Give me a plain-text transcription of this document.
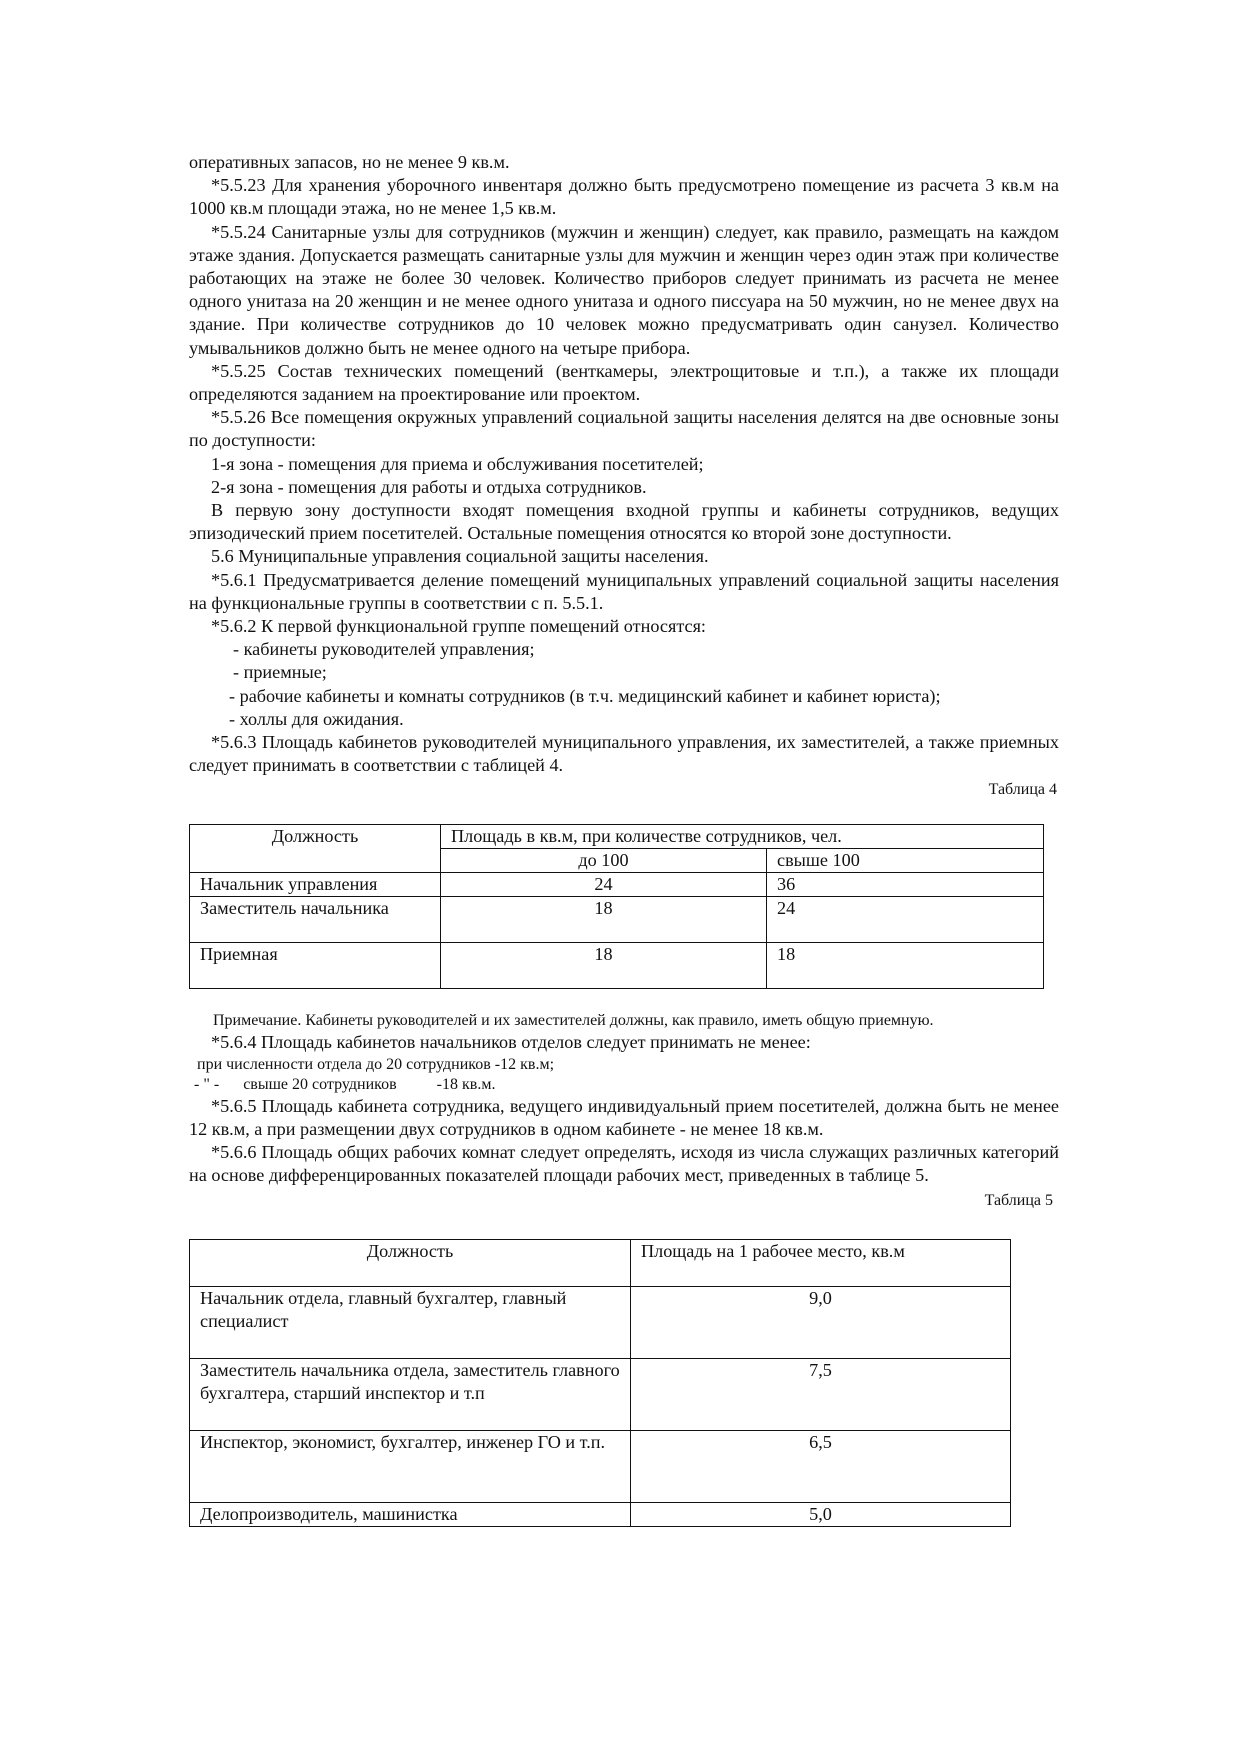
оперативных запасов, но не менее 9 кв.м.

*5.5.23 Для хранения уборочного инвентаря должно быть предусмотрено помещение из расчета 3 кв.м на 1000 кв.м площади этажа, но не менее 1,5 кв.м.

*5.5.24 Санитарные узлы для сотрудников (мужчин и женщин) следует, как правило, размещать на каждом этаже здания. Допускается размещать санитарные узлы для мужчин и женщин через один этаж при количестве работающих на этаже не более 30 человек. Количество приборов следует принимать из расчета не менее одного унитаза на 20 женщин и не менее одного унитаза и одного писсуара на 50 мужчин, но не менее двух на здание. При количестве сотрудников до 10 человек можно предусматривать один санузел. Количество умывальников должно быть не менее одного на четыре прибора.

*5.5.25 Состав технических помещений (венткамеры, электрощитовые и т.п.), а также их площади определяются заданием на проектирование или проектом.

*5.5.26 Все помещения окружных управлений социальной защиты населения делятся на две основные зоны по доступности:

1-я зона - помещения для приема и обслуживания посетителей;

2-я зона - помещения для работы и отдыха сотрудников.

В первую зону доступности входят помещения входной группы и кабинеты сотрудников, ведущих эпизодический прием посетителей. Остальные помещения относятся ко второй зоне доступности.

5.6 Муниципальные управления социальной защиты населения.

*5.6.1 Предусматривается деление помещений муниципальных управлений социальной защиты населения на функциональные группы в соответствии с п. 5.5.1.

*5.6.2 К первой функциональной группе помещений относятся:

- кабинеты руководителей управления;
- приемные;
- рабочие кабинеты и комнаты сотрудников (в т.ч. медицинский кабинет и кабинет юриста);
- холлы для ожидания.

*5.6.3 Площадь кабинетов руководителей муниципального управления, их заместителей, а также приемных следует принимать в соответствии с таблицей 4.

Таблица 4
Должность	Площадь в кв.м, при количестве сотрудников, чел.	
	до 100	свыше 100
Начальник управления	24	36
Заместитель начальника	18	24
Приемная	18	18

Примечание. Кабинеты руководителей и их заместителей должны, как правило, иметь общую приемную.

*5.6.4 Площадь кабинетов начальников отделов следует принимать не менее:

при численности отдела до 20 сотрудников -12 кв.м;
- " -      свыше 20 сотрудников          -18 кв.м.

*5.6.5 Площадь кабинета сотрудника, ведущего индивидуальный прием посетителей, должна быть не менее 12 кв.м, а при размещении двух сотрудников в одном кабинете - не менее 18 кв.м.

*5.6.6 Площадь общих рабочих комнат следует определять, исходя из числа служащих различных категорий на основе дифференцированных показателей площади рабочих мест, приведенных в таблице 5.

Таблица 5
Должность	Площадь на 1 рабочее место, кв.м
Начальник отдела, главный бухгалтер, главный специалист	9,0
Заместитель начальника отдела, заместитель главного бухгалтера, старший инспектор и т.п	7,5
Инспектор, экономист, бухгалтер, инженер ГО и т.п.	6,5
Делопроизводитель, машинистка	5,0
